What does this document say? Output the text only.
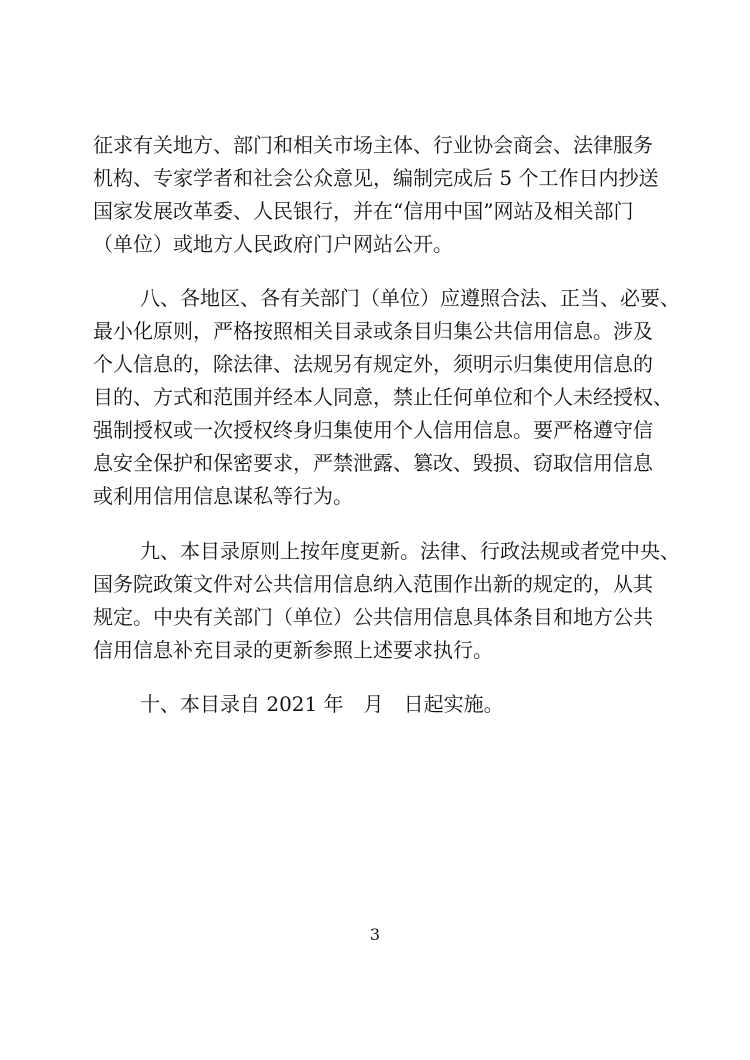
征求有关地方、部门和相关市场主体、行业协会商会、法律服务
机构、专家学者和社会公众意见，编制完成后 5 个工作日内抄送
国家发展改革委、人民银行，并在“信用中国”网站及相关部门
（单位）或地方人民政府门户网站公开。
八、各地区、各有关部门（单位）应遵照合法、正当、必要、
最小化原则，严格按照相关目录或条目归集公共信用信息。涉及
个人信息的，除法律、法规另有规定外，须明示归集使用信息的
目的、方式和范围并经本人同意，禁止任何单位和个人未经授权、
强制授权或一次授权终身归集使用个人信用信息。要严格遵守信
息安全保护和保密要求，严禁泄露、篡改、毁损、窃取信用信息
或利用信用信息谋私等行为。
九、本目录原则上按年度更新。法律、行政法规或者党中央、
国务院政策文件对公共信用信息纳入范围作出新的规定的，从其
规定。中央有关部门（单位）公共信用信息具体条目和地方公共
信用信息补充目录的更新参照上述要求执行。
十、本目录自 2021 年　月　日起实施。
3
